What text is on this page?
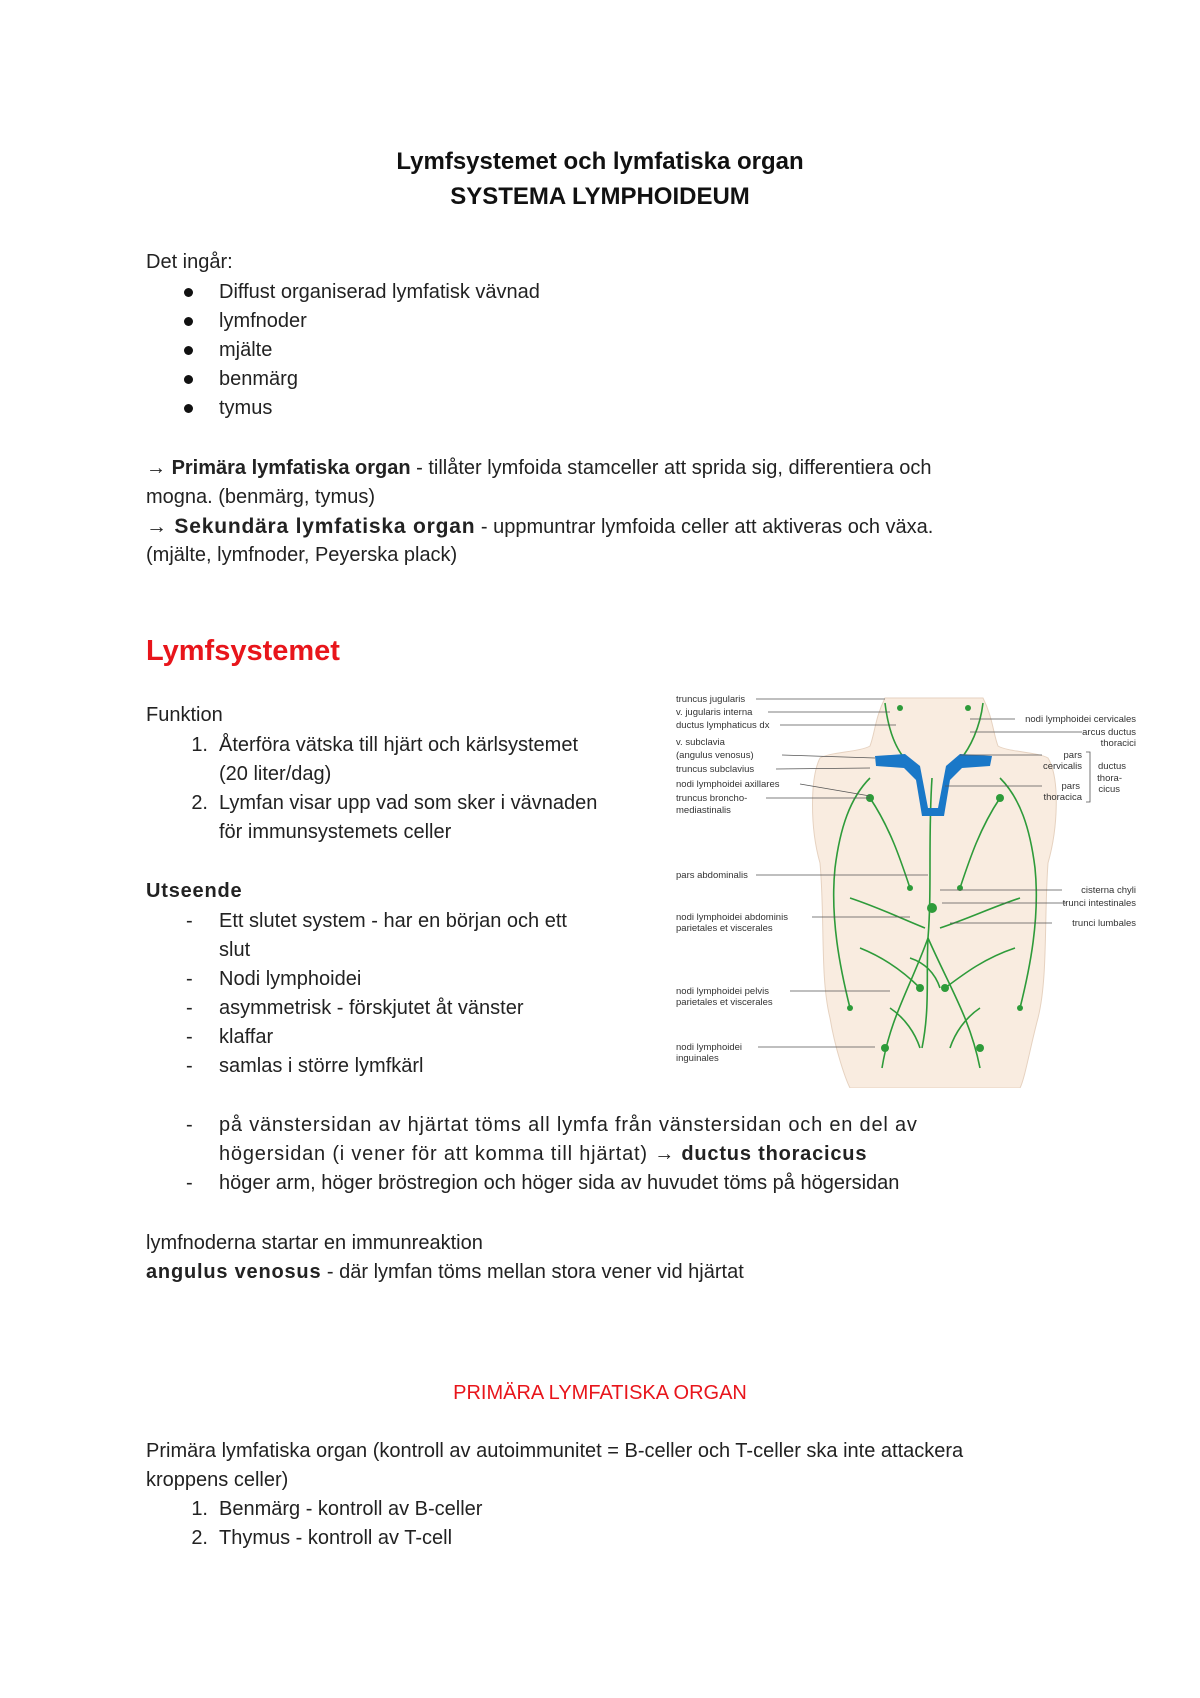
Lymfsystemet och lymfatiska organ
SYSTEMA LYMPHOIDEUM
Det ingår:
Diffust organiserad lymfatisk vävnad
lymfnoder
mjälte
benmärg
tymus
→ Primära lymfatiska organ - tillåter lymfoida stamceller att sprida sig, differentiera och
mogna. (benmärg, tymus)
→ Sekundära lymfatiska organ - uppmuntrar lymfoida celler att aktiveras och växa.
(mjälte, lymfnoder, Peyerska plack)
Lymfsystemet
Funktion
1. Återföra vätska till hjärt och kärlsystemet
(20 liter/dag)
2. Lymfan visar upp vad som sker i vävnaden
för immunsystemets celler
Utseende
- Ett slutet system - har en början och ett
slut
- Nodi lymphoidei
- asymmetrisk - förskjutet åt vänster
- klaffar
- samlas i större lymfkärl
- på vänstersidan av hjärtat töms all lymfa från vänstersidan och en del av
högersidan (i vener för att komma till hjärtat) → ductus thoracicus
- höger arm, höger bröstregion och höger sida av huvudet töms på högersidan
lymfnoderna startar en immunreaktion
angulus venosus - där lymfan töms mellan stora vener vid hjärtat
PRIMÄRA LYMFATISKA ORGAN
Primära lymfatiska organ (kontroll av autoimmunitet = B-celler och T-celler ska inte attackera
kroppens celler)
1. Benmärg - kontroll av B-celler
2. Thymus - kontroll av T-cell
truncus jugularis
v. jugularis interna
ductus lymphaticus dx
v. subclavia
(angulus venosus)
truncus subclavius
nodi lymphoidei axillares
truncus broncho-
mediastinalis
pars abdominalis
nodi lymphoidei abdominis
parietales et viscerales
nodi lymphoidei pelvis
parietales et viscerales
nodi lymphoidei
inguinales
nodi lymphoidei cervicales
arcus ductus
thoracici
pars
cervicalis ductus
thora-
cicus
pars
thoracica
cisterna chyli
trunci intestinales
trunci lumbales
